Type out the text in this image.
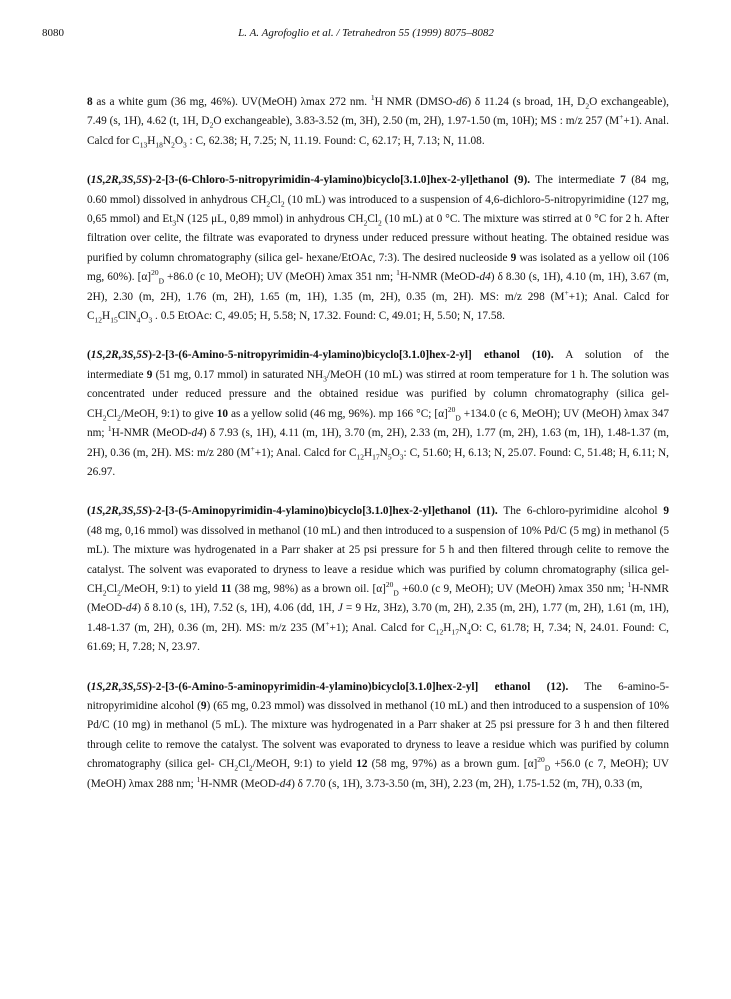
8080	L. A. Agrofoglio et al. / Tetrahedron 55 (1999) 8075–8082

8 as a white gum (36 mg, 46%). UV(MeOH) λmax 272 nm. $^1$H NMR (DMSO-d6) δ 11.24 (s broad, 1H, $D_2O$ exchangeable), 7.49 (s, 1H), 4.62 (t, 1H, $D_2O$ exchangeable), 3.83-3.52 (m, 3H), 2.50 (m, 2H), 1.97-1.50 (m, 10H); MS : m/z 257 (M++1). Anal. Calcd for $C_{13}H_{18}N_2O_3$ : C, 62.38; H, 7.25; N, 11.19. Found: C, 62.17; H, 7.13; N, 11.08.

(1S,2R,3S,5S)-2-[3-(6-Chloro-5-nitropyrimidin-4-ylamino)bicyclo[3.1.0]hex-2-yl]ethanol (9). The intermediate 7 (84 mg, 0.60 mmol) dissolved in anhydrous $CH_2Cl_2$ (10 mL) was introduced to a suspension of 4,6-dichloro-5-nitropyrimidine (127 mg, 0,65 mmol) and $Et_3N$ (125 μL, 0,89 mmol) in anhydrous $CH_2Cl_2$ (10 mL) at 0 °C. The mixture was stirred at 0 °C for 2 h. After filtration over celite, the filtrate was evaporated to dryness under reduced pressure without heating. The obtained residue was purified by column chromatography (silica gel- hexane/EtOAc, 7:3). The desired nucleoside 9 was isolated as a yellow oil (106 mg, 60%). $[\alpha]^{20}_D +86.0$ (c 10, MeOH); UV (MeOH) λmax 351 nm; $^1$H-NMR (MeOD-d4) δ 8.30 (s, 1H), 4.10 (m, 1H), 3.67 (m, 2H), 2.30 (m, 2H), 1.76 (m, 2H), 1.65 (m, 1H), 1.35 (m, 2H), 0.35 (m, 2H). MS: m/z 298 (M++1); Anal. Calcd for $C_{12}H_{15}ClN_4O_3$ . 0.5 EtOAc: C, 49.05; H, 5.58; N, 17.32. Found: C, 49.01; H, 5.50; N, 17.58.

(1S,2R,3S,5S)-2-[3-(6-Amino-5-nitropyrimidin-4-ylamino)bicyclo[3.1.0]hex-2-yl] ethanol (10). A solution of the intermediate 9 (51 mg, 0.17 mmol) in saturated $NH_3$/MeOH (10 mL) was stirred at room temperature for 1 h. The solution was concentrated under reduced pressure and the obtained residue was purified by column chromatography (silica gel- $CH_2Cl_2$/MeOH, 9:1) to give 10 as a yellow solid (46 mg, 96%). mp 166 °C; $[\alpha]^{20}_D +134.0$ (c 6, MeOH); UV (MeOH) λmax 347 nm; $^1$H-NMR (MeOD-d4) δ 7.93 (s, 1H), 4.11 (m, 1H), 3.70 (m, 2H), 2.33 (m, 2H), 1.77 (m, 2H), 1.63 (m, 1H), 1.48-1.37 (m, 2H), 0.36 (m, 2H). MS: m/z 280 (M++1); Anal. Calcd for $C_{12}H_{17}N_5O_3$: C, 51.60; H, 6.13; N, 25.07. Found: C, 51.48; H, 6.11; N, 26.97.

(1S,2R,3S,5S)-2-[3-(5-Aminopyrimidin-4-ylamino)bicyclo[3.1.0]hex-2-yl]ethanol (11). The 6-chloro-pyrimidine alcohol 9 (48 mg, 0,16 mmol) was dissolved in methanol (10 mL) and then introduced to a suspension of 10% Pd/C (5 mg) in methanol (5 mL). The mixture was hydrogenated in a Parr shaker at 25 psi pressure for 5 h and then filtered through celite to remove the catalyst. The solvent was evaporated to dryness to leave a residue which was purified by column chromatography (silica gel- $CH_2Cl_2$/MeOH, 9:1) to yield 11 (38 mg, 98%) as a brown oil. $[\alpha]^{20}_D +60.0$ (c 9, MeOH); UV (MeOH) λmax 350 nm; $^1$H-NMR (MeOD-d4) δ 8.10 (s, 1H), 7.52 (s, 1H), 4.06 (dd, 1H, J = 9 Hz, 3Hz), 3.70 (m, 2H), 2.35 (m, 2H), 1.77 (m, 2H), 1.61 (m, 1H), 1.48-1.37 (m, 2H), 0.36 (m, 2H). MS: m/z 235 (M++1); Anal. Calcd for $C_{12}H_{17}N_4O$: C, 61.78; H, 7.34; N, 24.01. Found: C, 61.69; H, 7.28; N, 23.97.

(1S,2R,3S,5S)-2-[3-(6-Amino-5-aminopyrimidin-4-ylamino)bicyclo[3.1.0]hex-2-yl] ethanol (12). The 6-amino-5-nitropyrimidine alcohol (9) (65 mg, 0.23 mmol) was dissolved in methanol (10 mL) and then introduced to a suspension of 10% Pd/C (10 mg) in methanol (5 mL). The mixture was hydrogenated in a Parr shaker at 25 psi pressure for 3 h and then filtered through celite to remove the catalyst. The solvent was evaporated to dryness to leave a residue which was purified by column chromatography (silica gel- $CH_2Cl_2$/MeOH, 9:1) to yield 12 (58 mg, 97%) as a brown gum. $[\alpha]^{20}_D +56.0$ (c 7, MeOH); UV (MeOH) λmax 288 nm; $^1$H-NMR (MeOD-d4) δ 7.70 (s, 1H), 3.73-3.50 (m, 3H), 2.23 (m, 2H), 1.75-1.52 (m, 7H), 0.33 (m,
